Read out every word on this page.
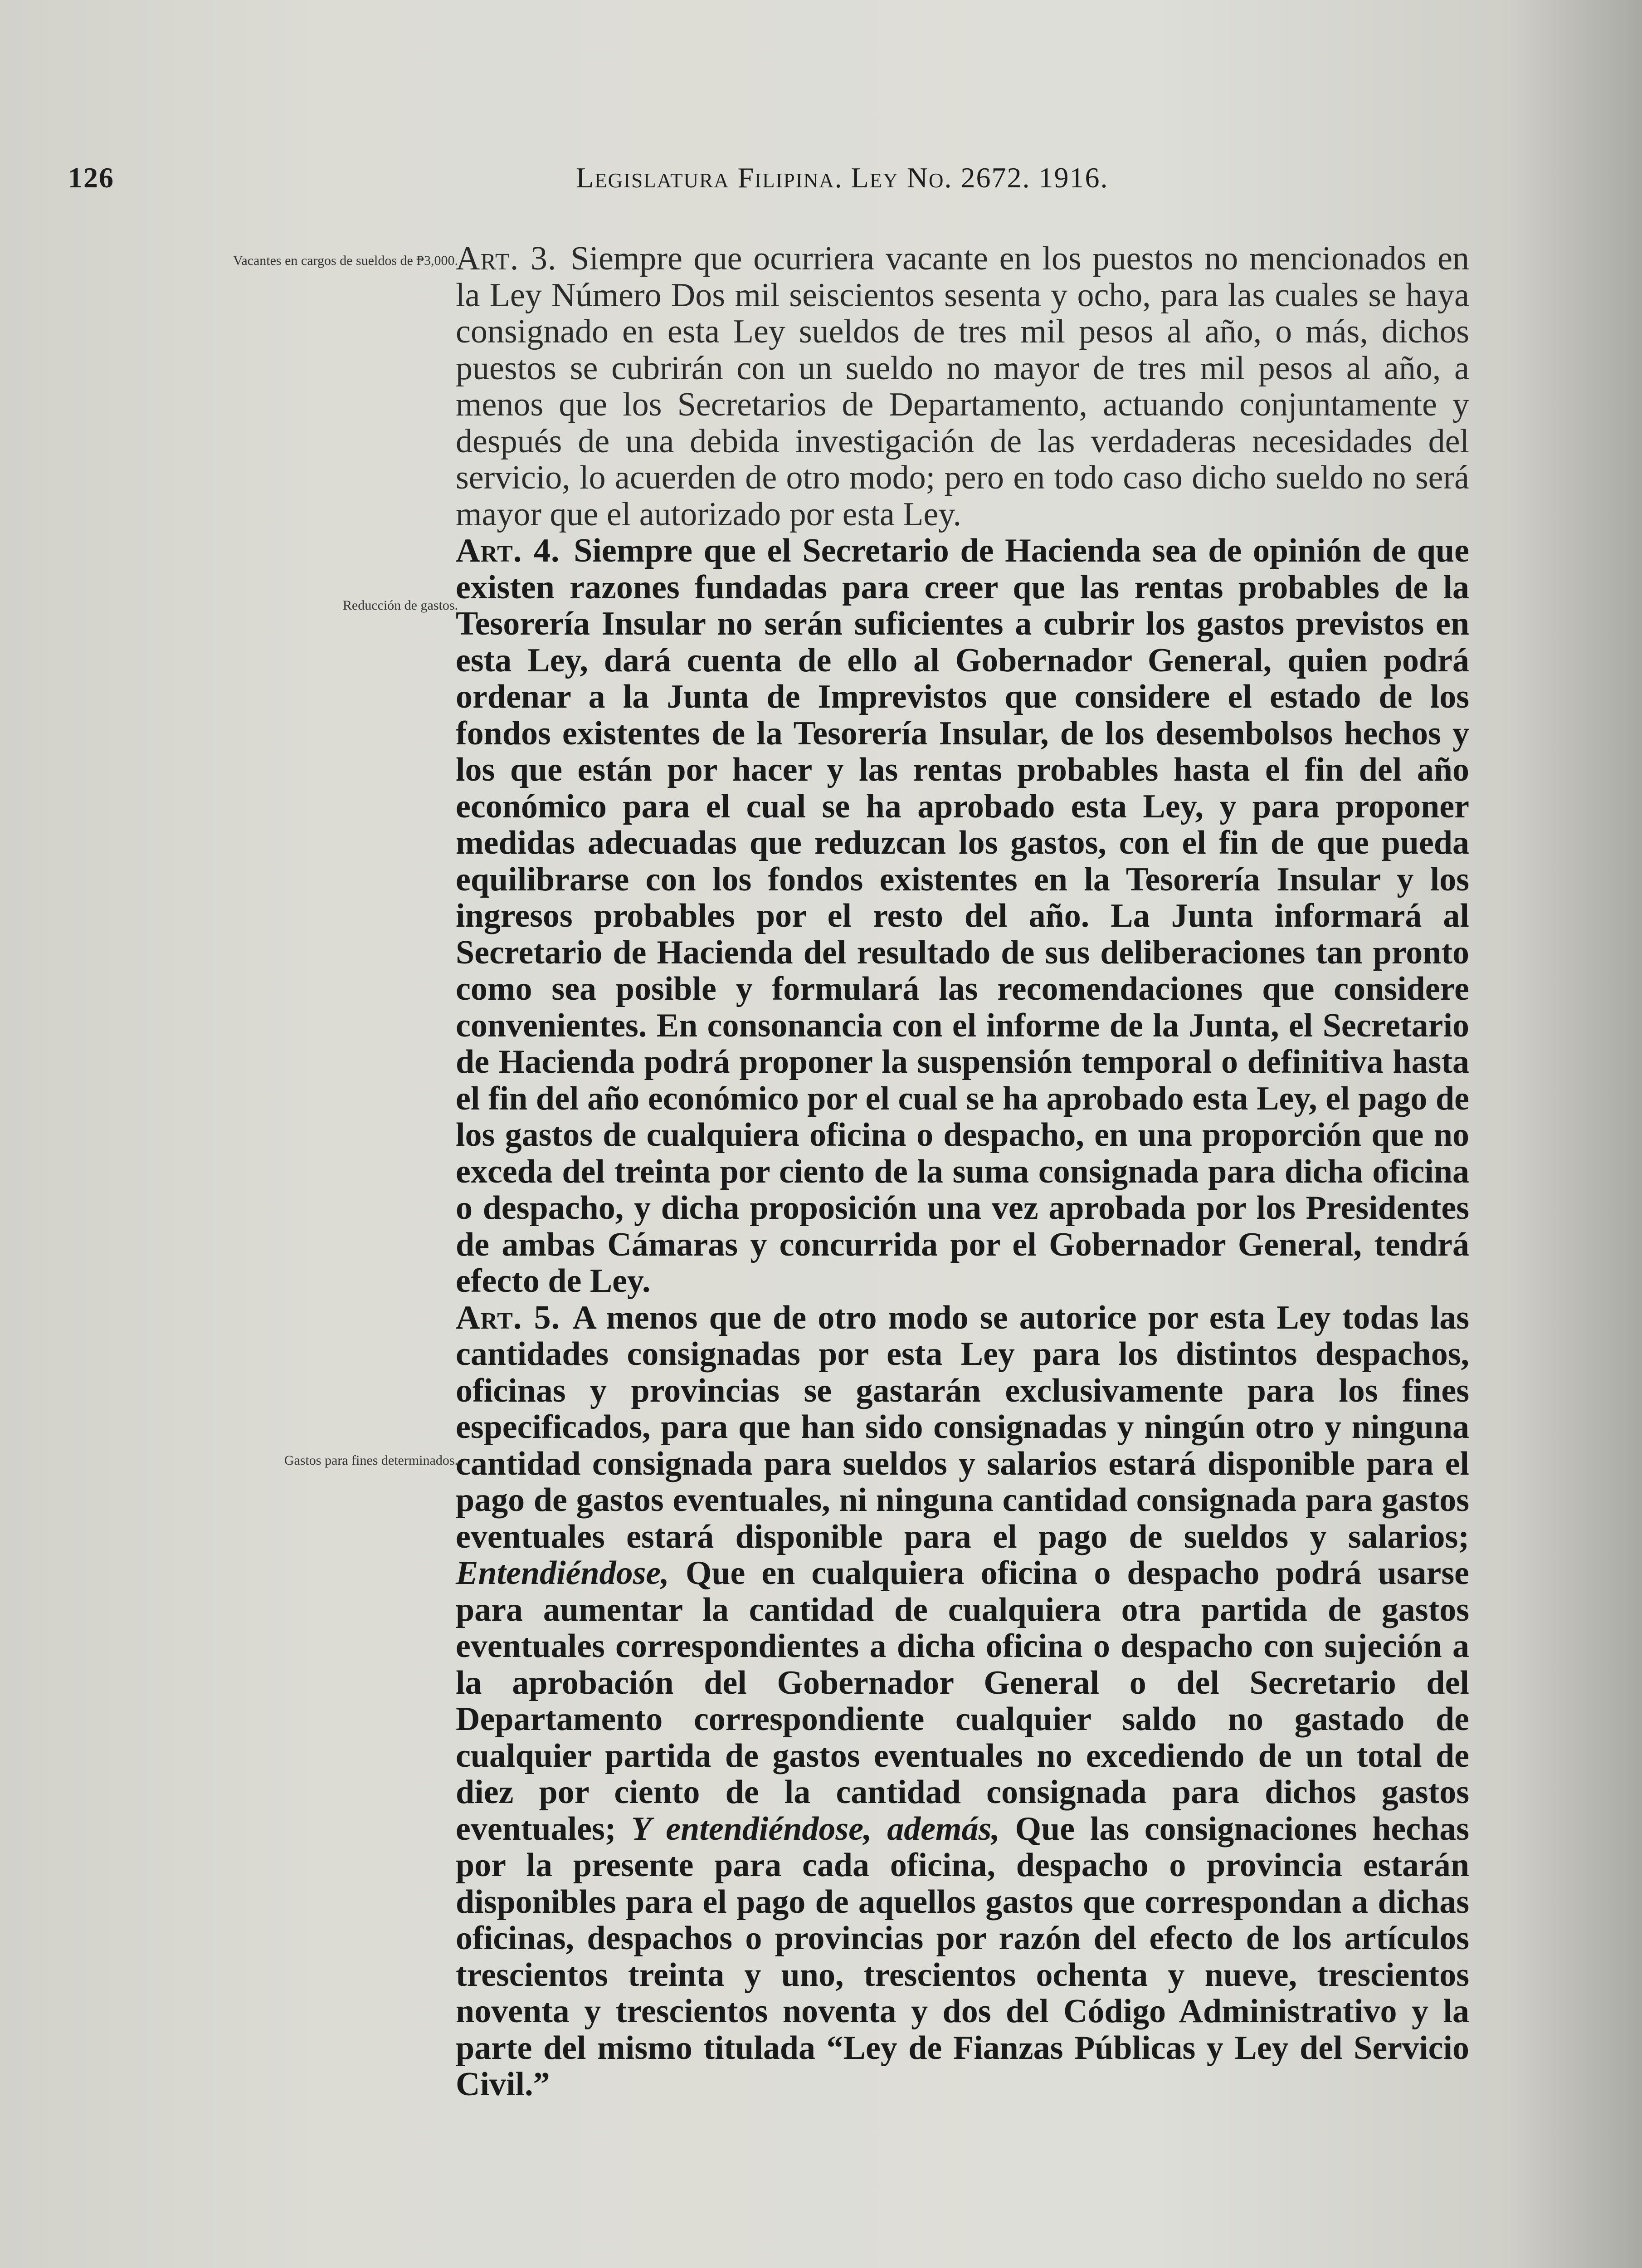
126	Legislatura Filipina. Ley No. 2672. 1916.
Vacantes en cargos de sueldos de ₱3,000.
Reducción de gastos.
Gastos para fines determinados.

Art. 3. Siempre que ocurriera vacante en los puestos no mencionados en la Ley Número Dos mil seiscientos sesenta y ocho, para las cuales se haya consignado en esta Ley sueldos de tres mil pesos al año, o más, dichos puestos se cubrirán con un sueldo no mayor de tres mil pesos al año, a menos que los Secretarios de Departamento, actuando conjuntamente y después de una debida investigación de las verdaderas necesidades del servicio, lo acuerden de otro modo; pero en todo caso dicho sueldo no será mayor que el autorizado por esta Ley.

Art. 4. Siempre que el Secretario de Hacienda sea de opinión de que existen razones fundadas para creer que las rentas probables de la Tesorería Insular no serán suficientes a cubrir los gastos previstos en esta Ley, dará cuenta de ello al Gobernador General, quien podrá ordenar a la Junta de Imprevistos que considere el estado de los fondos existentes de la Tesorería Insular, de los desembolsos hechos y los que están por hacer y las rentas probables hasta el fin del año económico para el cual se ha aprobado esta Ley, y para proponer medidas adecuadas que reduzcan los gastos, con el fin de que pueda equilibrarse con los fondos existentes en la Tesorería Insular y los ingresos probables por el resto del año. La Junta informará al Secretario de Hacienda del resultado de sus deliberaciones tan pronto como sea posible y formulará las recomendaciones que considere convenientes. En consonancia con el informe de la Junta, el Secretario de Hacienda podrá proponer la suspensión temporal o definitiva hasta el fin del año económico por el cual se ha aprobado esta Ley, el pago de los gastos de cualquiera oficina o despacho, en una proporción que no exceda del treinta por ciento de la suma consignada para dicha oficina o despacho, y dicha proposición una vez aprobada por los Presidentes de ambas Cámaras y concurrida por el Gobernador General, tendrá efecto de Ley.

Art. 5. A menos que de otro modo se autorice por esta Ley todas las cantidades consignadas por esta Ley para los distintos despachos, oficinas y provincias se gastarán exclusivamente para los fines especificados, para que han sido consignadas y ningún otro y ninguna cantidad consignada para sueldos y salarios estará disponible para el pago de gastos eventuales, ni ninguna cantidad consignada para gastos eventuales estará disponible para el pago de sueldos y salarios; Entendiéndose, Que en cualquiera oficina o despacho podrá usarse para aumentar la cantidad de cualquiera otra partida de gastos eventuales correspondientes a dicha oficina o despacho con sujeción a la aprobación del Gobernador General o del Secretario del Departamento correspondiente cualquier saldo no gastado de cualquier partida de gastos eventuales no excediendo de un total de diez por ciento de la cantidad consignada para dichos gastos eventuales; Y entendiéndose, además, Que las consignaciones hechas por la presente para cada oficina, despacho o provincia estarán disponibles para el pago de aquellos gastos que correspondan a dichas oficinas, despachos o provincias por razón del efecto de los artículos trescientos treinta y uno, trescientos ochenta y nueve, trescientos noventa y trescientos noventa y dos del Código Administrativo y la parte del mismo titulada “Ley de Fianzas Públicas y Ley del Servicio Civil.”
